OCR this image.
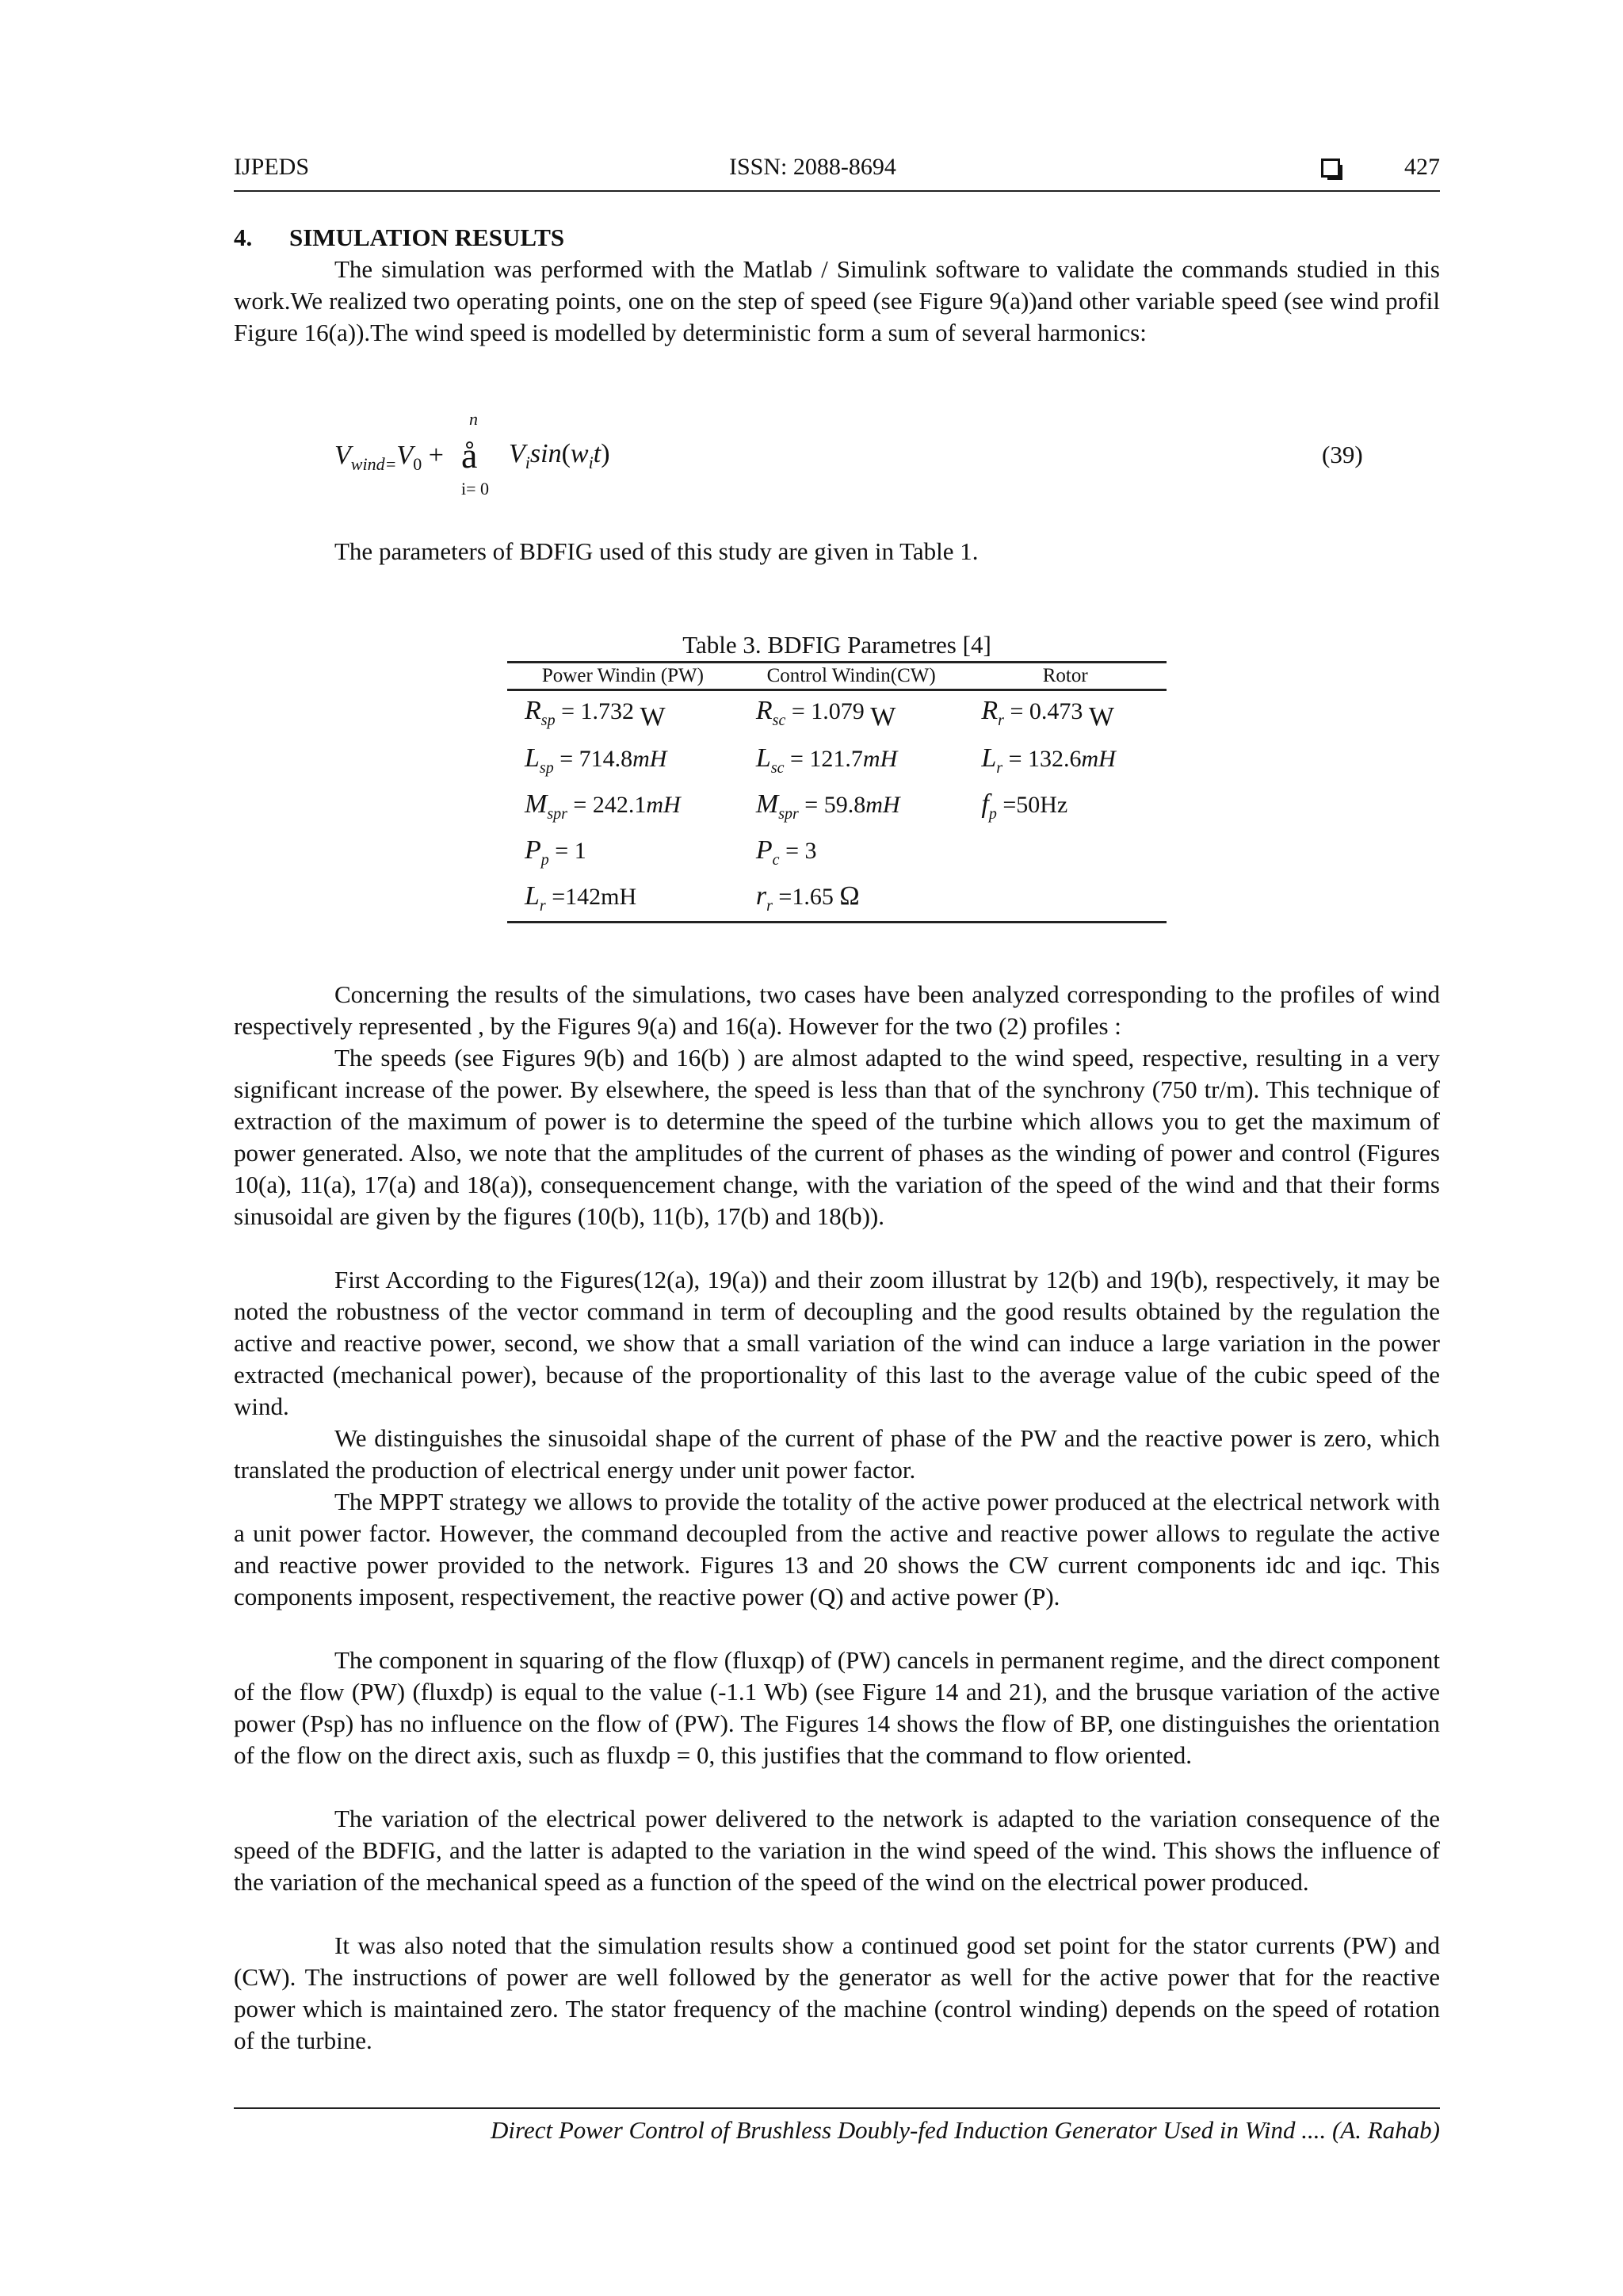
IJPEDS	ISSN: 2088-8694	427
4. SIMULATION RESULTS
The simulation was performed with the Matlab / Simulink software to validate the commands studied in this work.We realized two operating points, one on the step of speed (see Figure 9(a))and other variable speed (see wind profil Figure 16(a)).The wind speed is modelled by deterministic form a sum of several harmonics:
$V_{wind=}V_0$ +
n
å
i= 0
$V_i\sin(w_it)$	(39)
The parameters of BDFIG used of this study are given in Table 1.
Table 3. BDFIG Parametres [4]
Power Windin (PW)	Control Windin(CW)	Rotor
$R_{sp} = 1.732$ W	$R_{sc} = 1.079$ W	$R_r = 0.473$ W
$L_{sp} = 714.8mH$	$L_{sc} = 121.7mH$	$L_r = 132.6mH$
$M_{spr} = 242.1mH$	$M_{spr} = 59.8mH$	$f_p =50Hz$
$P_p = 1$	$P_c = 3$	
$L_r =142mH$	$r_r =1.65$ Ω	
Concerning the results of the simulations, two cases have been analyzed corresponding to the profiles of wind respectively represented , by the Figures 9(a) and 16(a). However for the two (2) profiles :
The speeds (see Figures 9(b) and 16(b) ) are almost adapted to the wind speed, respective, resulting in a very significant increase of the power. By elsewhere, the speed is less than that of the synchrony (750 tr/m). This technique of extraction of the maximum of power is to determine the speed of the turbine which allows you to get the maximum of power generated. Also, we note that the amplitudes of the current of phases as the winding of power and control (Figures 10(a), 11(a), 17(a) and 18(a)), consequencement change, with the variation of the speed of the wind and that their forms sinusoidal are given by the figures (10(b), 11(b), 17(b) and 18(b)).
First According to the Figures(12(a), 19(a)) and their zoom illustrat by 12(b) and 19(b), respectively, it may be noted the robustness of the vector command in term of decoupling and the good results obtained by the regulation the active and reactive power, second, we show that a small variation of the wind can induce a large variation in the power extracted (mechanical power), because of the proportionality of this last to the average value of the cubic speed of the wind.
We distinguishes the sinusoidal shape of the current of phase of the PW and the reactive power is zero, which translated the production of electrical energy under unit power factor.
The MPPT strategy we allows to provide the totality of the active power produced at the electrical network with a unit power factor. However, the command decoupled from the active and reactive power allows to regulate the active and reactive power provided to the network. Figures 13 and 20 shows the CW current components idc and iqc. This components imposent, respectivement, the reactive power (Q) and active power (P).
The component in squaring of the flow (fluxqp) of (PW) cancels in permanent regime, and the direct component of the flow (PW) (fluxdp) is equal to the value (-1.1 Wb) (see Figure 14 and 21), and the brusque variation of the active power (Psp) has no influence on the flow of (PW). The Figures 14 shows the flow of BP, one distinguishes the orientation of the flow on the direct axis, such as fluxdp = 0, this justifies that the command to flow oriented.
The variation of the electrical power delivered to the network is adapted to the variation consequence of the speed of the BDFIG, and the latter is adapted to the variation in the wind speed of the wind. This shows the influence of the variation of the mechanical speed as a function of the speed of the wind on the electrical power produced.
It was also noted that the simulation results show a continued good set point for the stator currents (PW) and (CW). The instructions of power are well followed by the generator as well for the active power that for the reactive power which is maintained zero. The stator frequency of the machine (control winding) depends on the speed of rotation of the turbine.
Direct Power Control of Brushless Doubly-fed Induction Generator Used in Wind .... (A. Rahab)
